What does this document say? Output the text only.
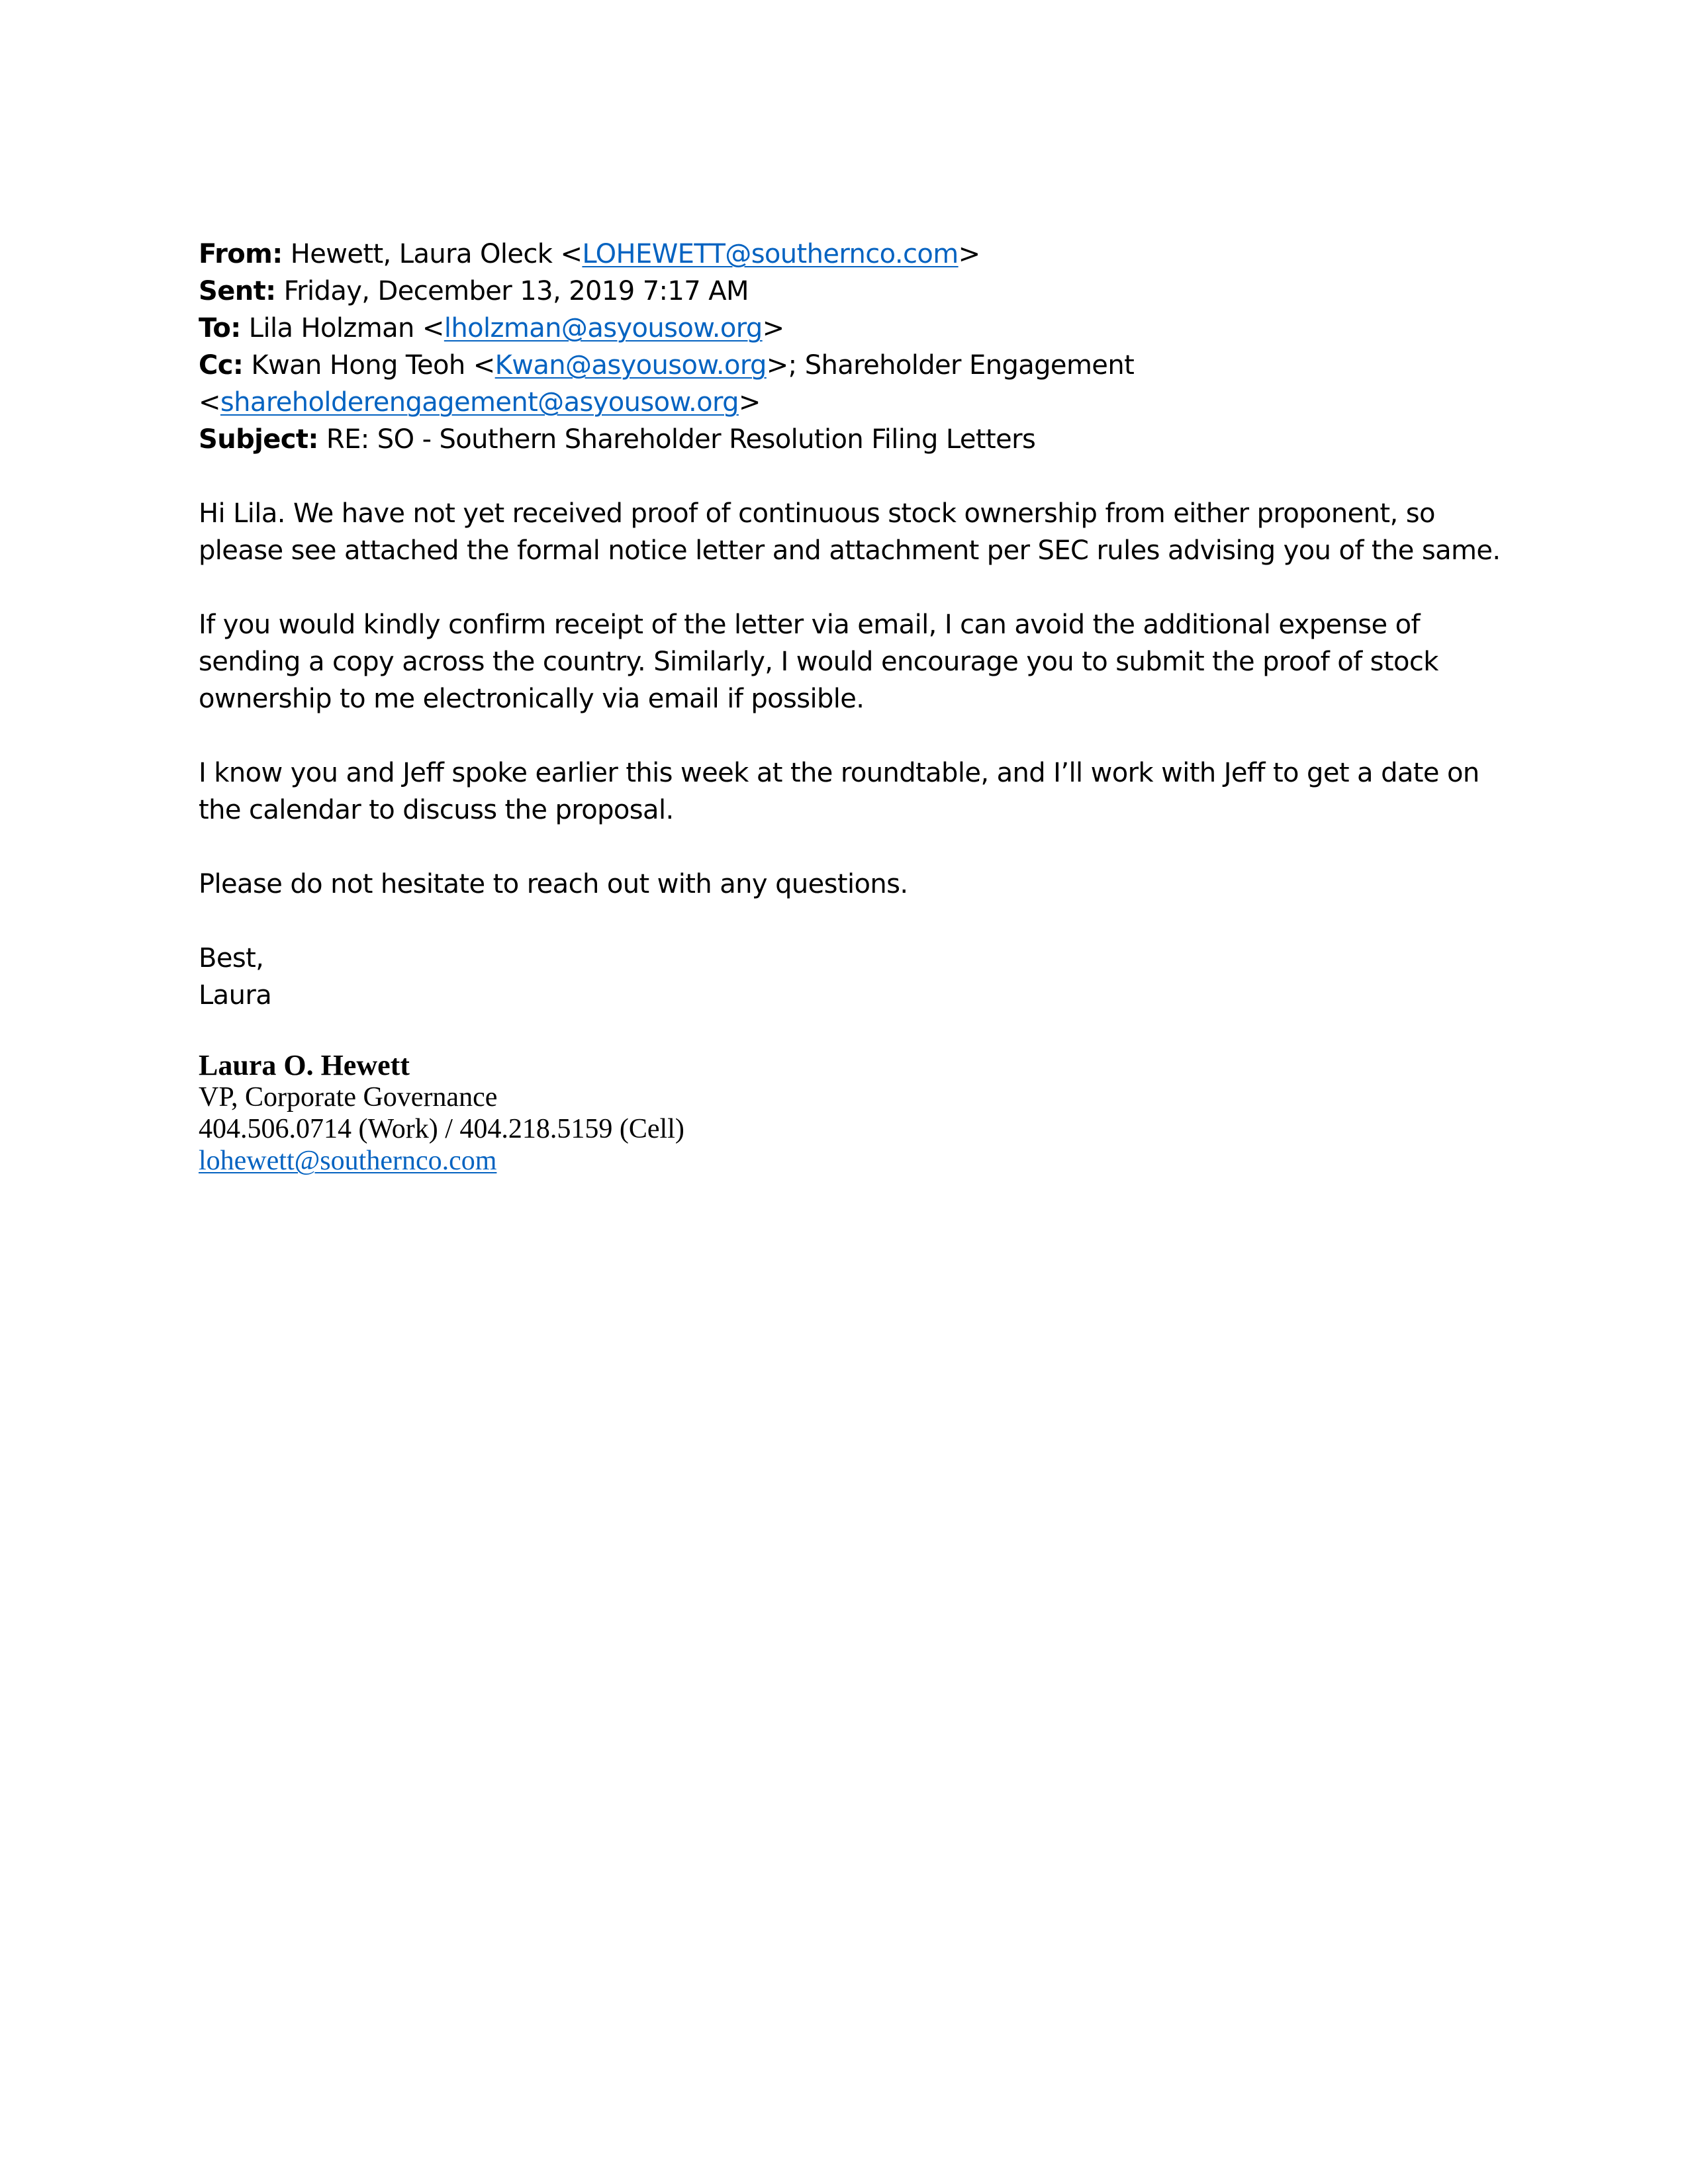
From: Hewett, Laura Oleck <LOHEWETT@southernco.com>
Sent: Friday, December 13, 2019 7:17 AM
To: Lila Holzman <lholzman@asyousow.org>
Cc: Kwan Hong Teoh <Kwan@asyousow.org>; Shareholder Engagement
<shareholderengagement@asyousow.org>
Subject: RE: SO - Southern Shareholder Resolution Filing Letters
Hi Lila. We have not yet received proof of continuous stock ownership from either proponent, so please see attached the formal notice letter and attachment per SEC rules advising you of the same.
If you would kindly confirm receipt of the letter via email, I can avoid the additional expense of sending a copy across the country. Similarly, I would encourage you to submit the proof of stock ownership to me electronically via email if possible.
I know you and Jeff spoke earlier this week at the roundtable, and I’ll work with Jeff to get a date on the calendar to discuss the proposal.
Please do not hesitate to reach out with any questions.
Best,
Laura
Laura O. Hewett
VP, Corporate Governance
404.506.0714 (Work) / 404.218.5159 (Cell)
lohewett@southernco.com
